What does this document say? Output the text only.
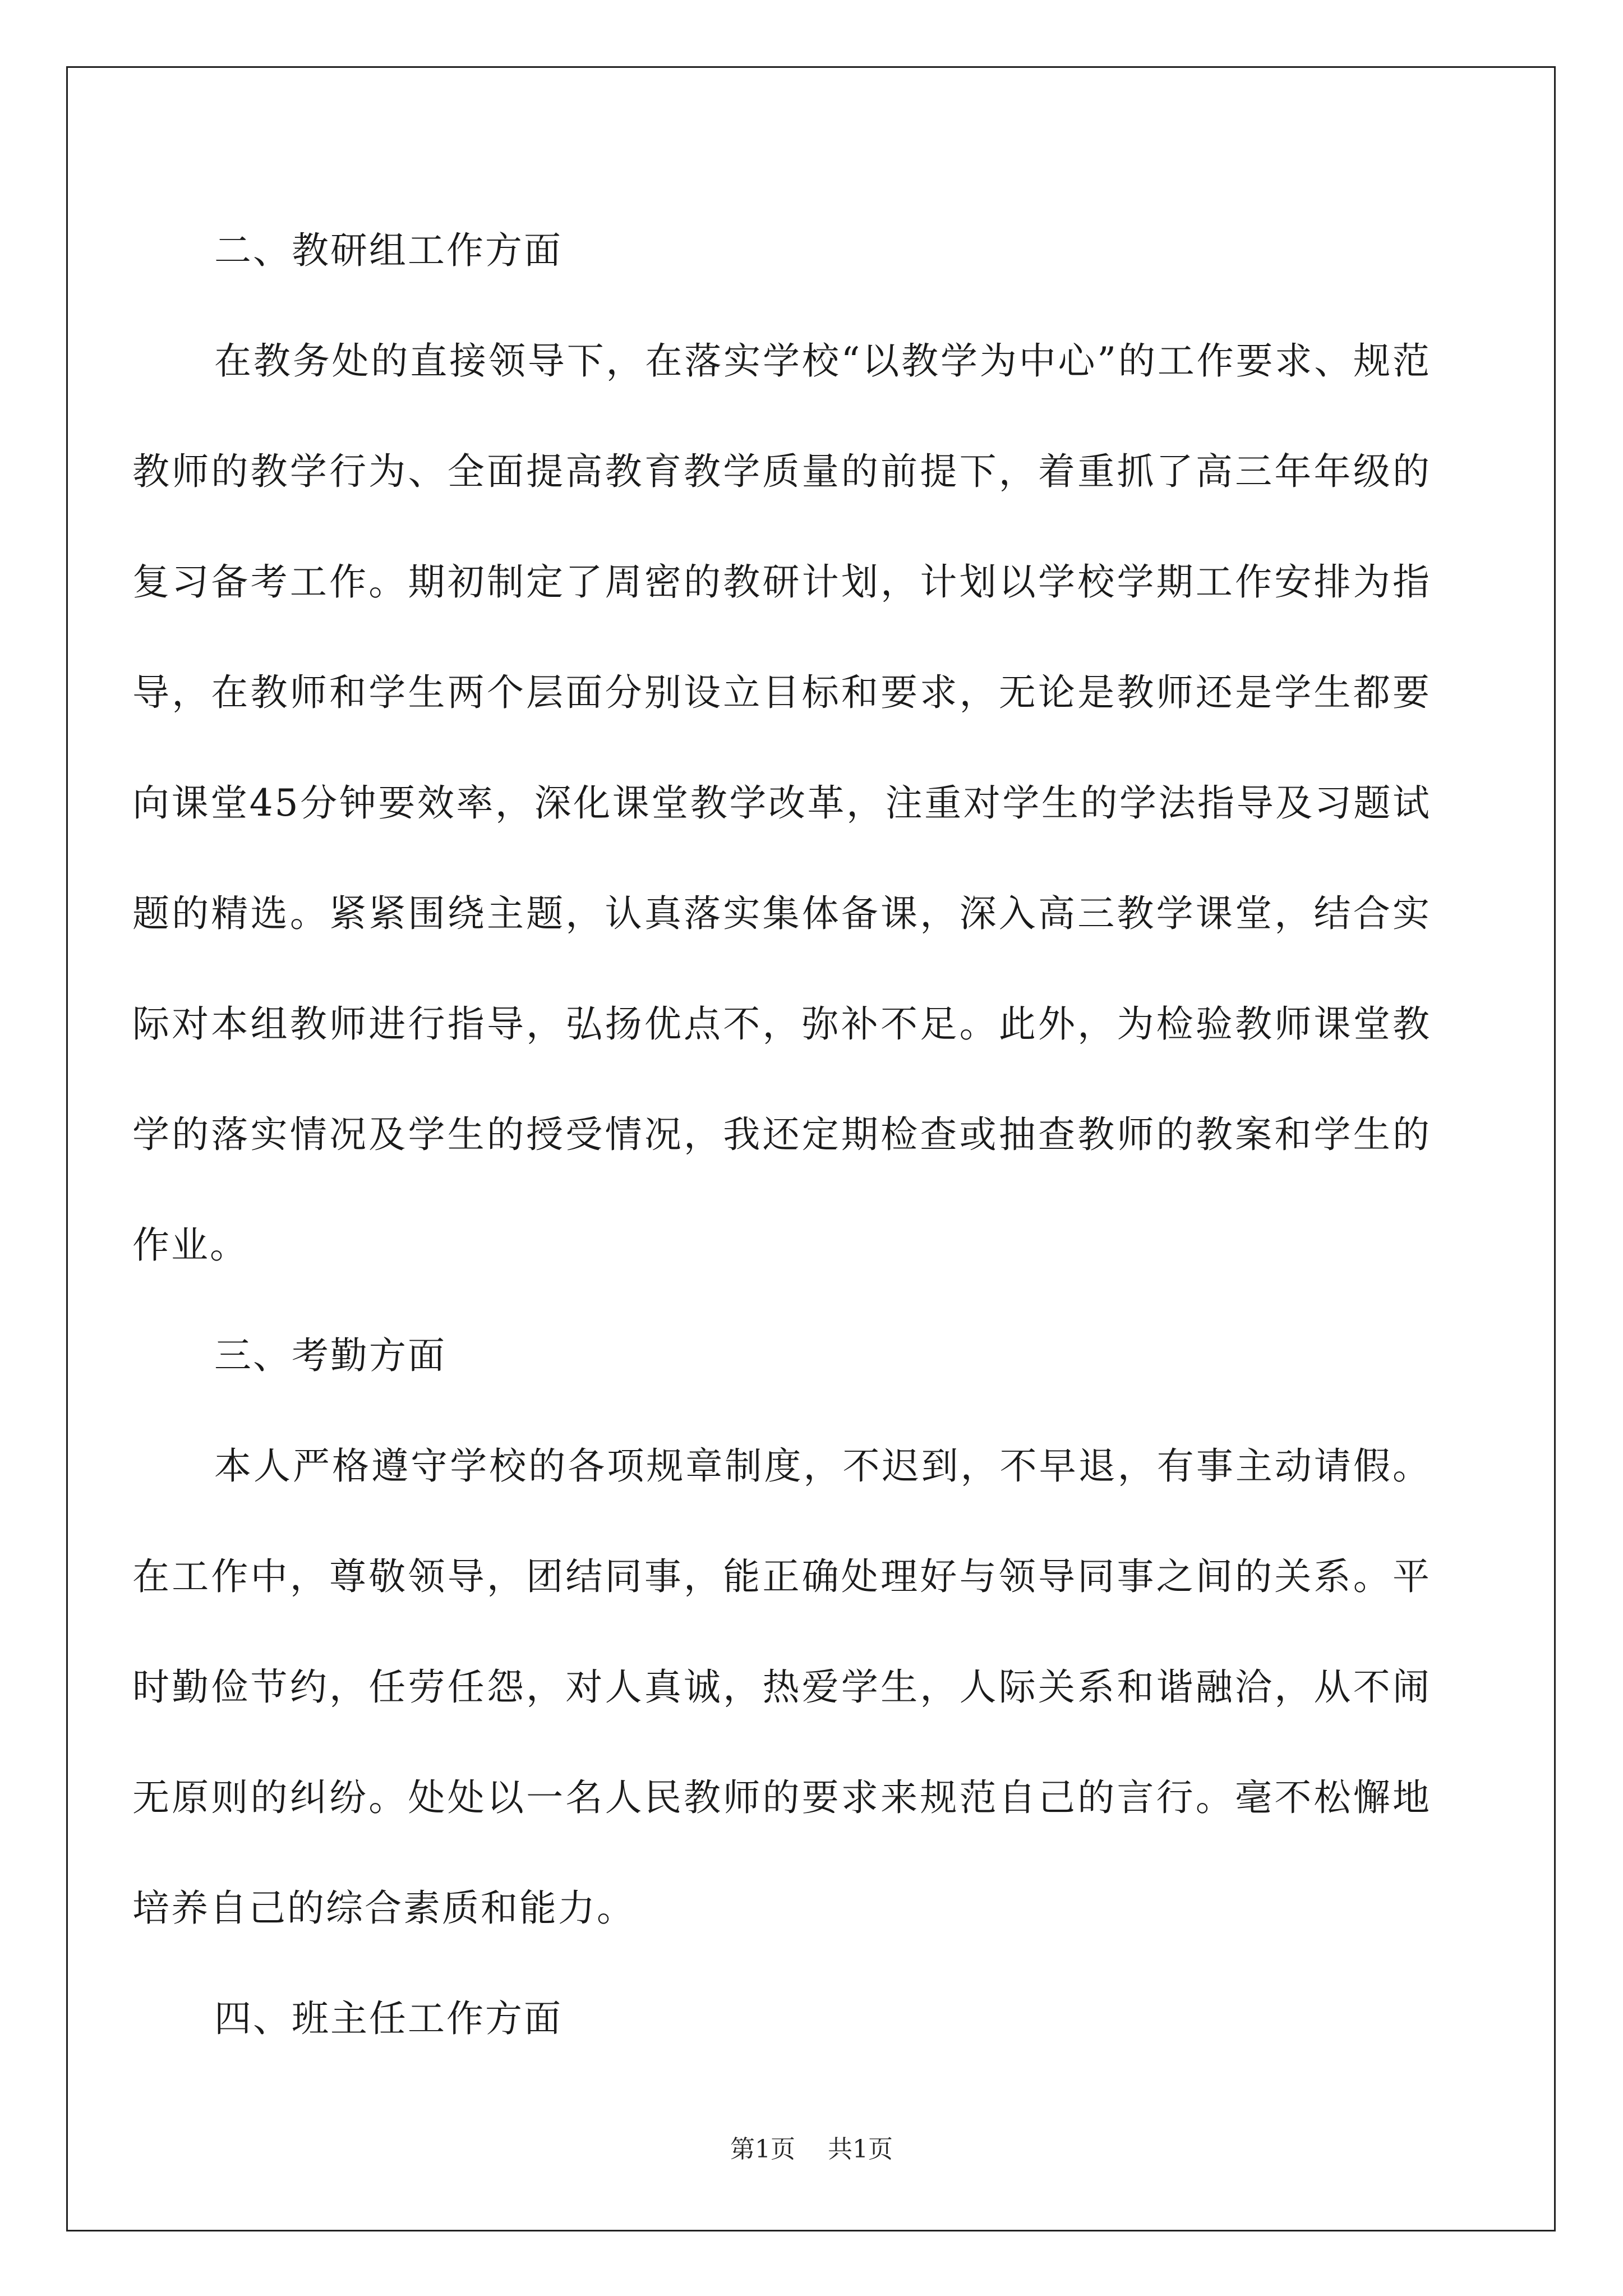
二、教研组工作方面

在教务处的直接领导下，在落实学校“以教学为中心”的工作要求、规范教师的教学行为、全面提高教育教学质量的前提下，着重抓了高三年年级的复习备考工作。期初制定了周密的教研计划，计划以学校学期工作安排为指导，在教师和学生两个层面分别设立目标和要求，无论是教师还是学生都要向课堂45分钟要效率，深化课堂教学改革，注重对学生的学法指导及习题试题的精选。紧紧围绕主题，认真落实集体备课，深入高三教学课堂，结合实际对本组教师进行指导，弘扬优点不，弥补不足。此外，为检验教师课堂教学的落实情况及学生的授受情况，我还定期检查或抽查教师的教案和学生的作业。

三、考勤方面

本人严格遵守学校的各项规章制度，不迟到，不早退，有事主动请假。在工作中，尊敬领导，团结同事，能正确处理好与领导同事之间的关系。平时勤俭节约，任劳任怨，对人真诚，热爱学生，人际关系和谐融洽，从不闹无原则的纠纷。处处以一名人民教师的要求来规范自己的言行。毫不松懈地培养自己的综合素质和能力。

四、班主任工作方面

第1页 共1页
